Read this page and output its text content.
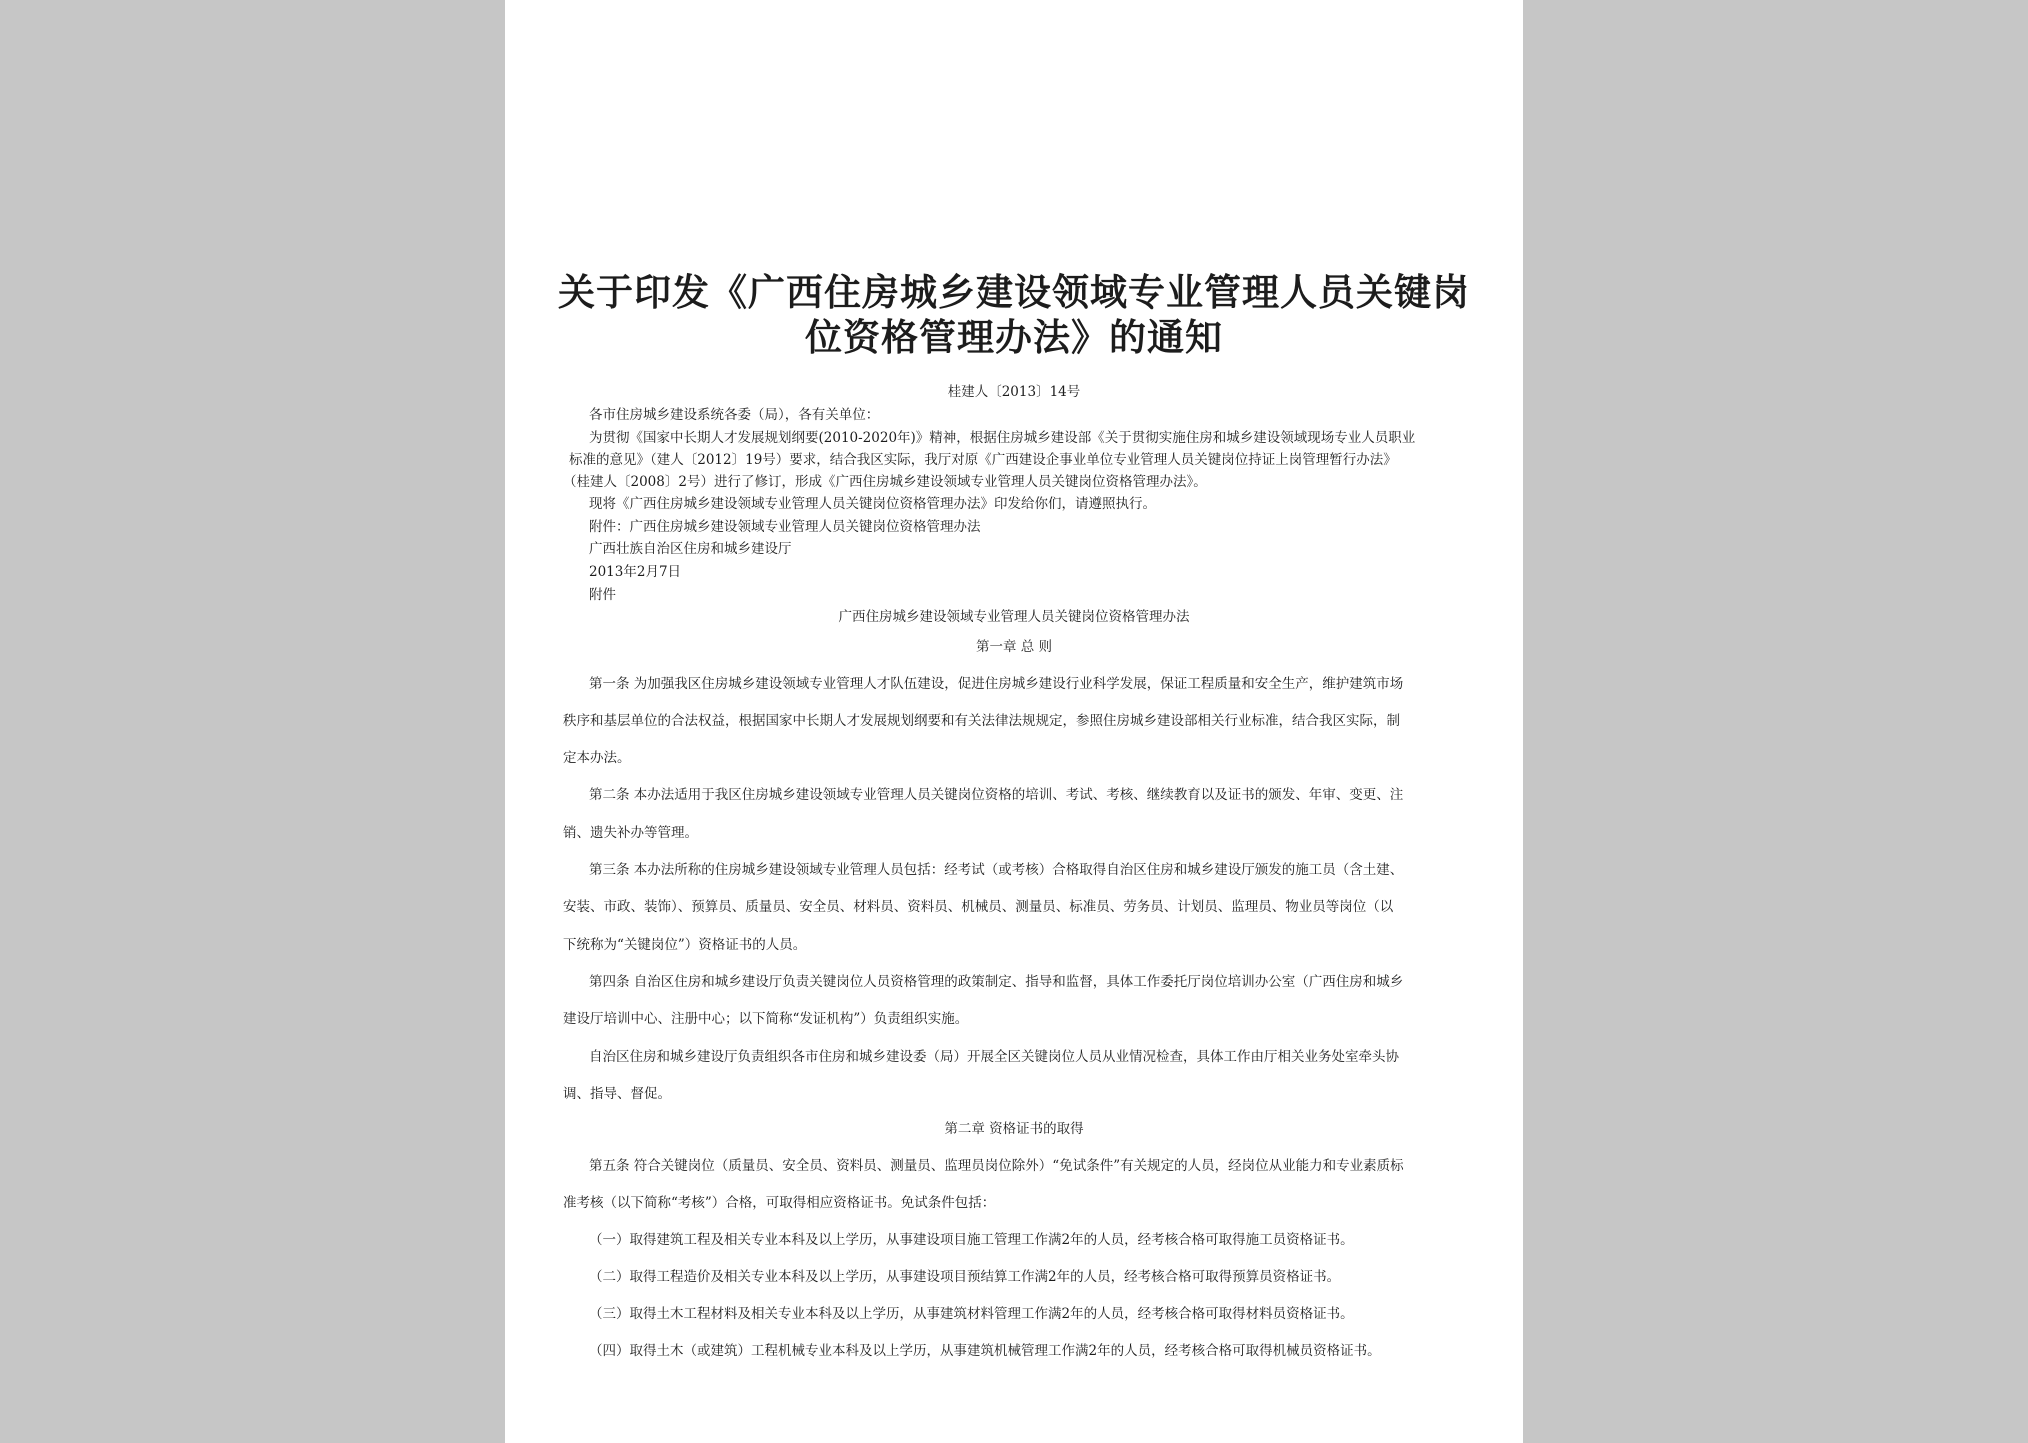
关于印发《广西住房城乡建设领域专业管理人员关键岗
位资格管理办法》的通知
桂建人〔2013〕14号
各市住房城乡建设系统各委（局），各有关单位：
为贯彻《国家中长期人才发展规划纲要(2010-2020年)》精神，根据住房城乡建设部《关于贯彻实施住房和城乡建设领域现场专业人员职业
标准的意见》（建人〔2012〕19号）要求，结合我区实际，我厅对原《广西建设企事业单位专业管理人员关键岗位持证上岗管理暂行办法》
（桂建人〔2008〕2号）进行了修订，形成《广西住房城乡建设领域专业管理人员关键岗位资格管理办法》。
现将《广西住房城乡建设领域专业管理人员关键岗位资格管理办法》印发给你们，请遵照执行。
附件：广西住房城乡建设领域专业管理人员关键岗位资格管理办法
广西壮族自治区住房和城乡建设厅
2013年2月7日
附件
广西住房城乡建设领域专业管理人员关键岗位资格管理办法
第一章 总 则
第一条 为加强我区住房城乡建设领域专业管理人才队伍建设，促进住房城乡建设行业科学发展，保证工程质量和安全生产，维护建筑市场
秩序和基层单位的合法权益，根据国家中长期人才发展规划纲要和有关法律法规规定，参照住房城乡建设部相关行业标准，结合我区实际，制
定本办法。
第二条 本办法适用于我区住房城乡建设领域专业管理人员关键岗位资格的培训、考试、考核、继续教育以及证书的颁发、年审、变更、注
销、遗失补办等管理。
第三条 本办法所称的住房城乡建设领域专业管理人员包括：经考试（或考核）合格取得自治区住房和城乡建设厅颁发的施工员（含土建、
安装、市政、装饰）、预算员、质量员、安全员、材料员、资料员、机械员、测量员、标准员、劳务员、计划员、监理员、物业员等岗位（以
下统称为“关键岗位”）资格证书的人员。
第四条 自治区住房和城乡建设厅负责关键岗位人员资格管理的政策制定、指导和监督，具体工作委托厅岗位培训办公室（广西住房和城乡
建设厅培训中心、注册中心；以下简称“发证机构”）负责组织实施。
自治区住房和城乡建设厅负责组织各市住房和城乡建设委（局）开展全区关键岗位人员从业情况检查，具体工作由厅相关业务处室牵头协
调、指导、督促。
第二章 资格证书的取得
第五条 符合关键岗位（质量员、安全员、资料员、测量员、监理员岗位除外）“免试条件”有关规定的人员，经岗位从业能力和专业素质标
准考核（以下简称“考核”）合格，可取得相应资格证书。免试条件包括：
（一）取得建筑工程及相关专业本科及以上学历，从事建设项目施工管理工作满2年的人员，经考核合格可取得施工员资格证书。
（二）取得工程造价及相关专业本科及以上学历，从事建设项目预结算工作满2年的人员，经考核合格可取得预算员资格证书。
（三）取得土木工程材料及相关专业本科及以上学历，从事建筑材料管理工作满2年的人员，经考核合格可取得材料员资格证书。
（四）取得土木（或建筑）工程机械专业本科及以上学历，从事建筑机械管理工作满2年的人员，经考核合格可取得机械员资格证书。
